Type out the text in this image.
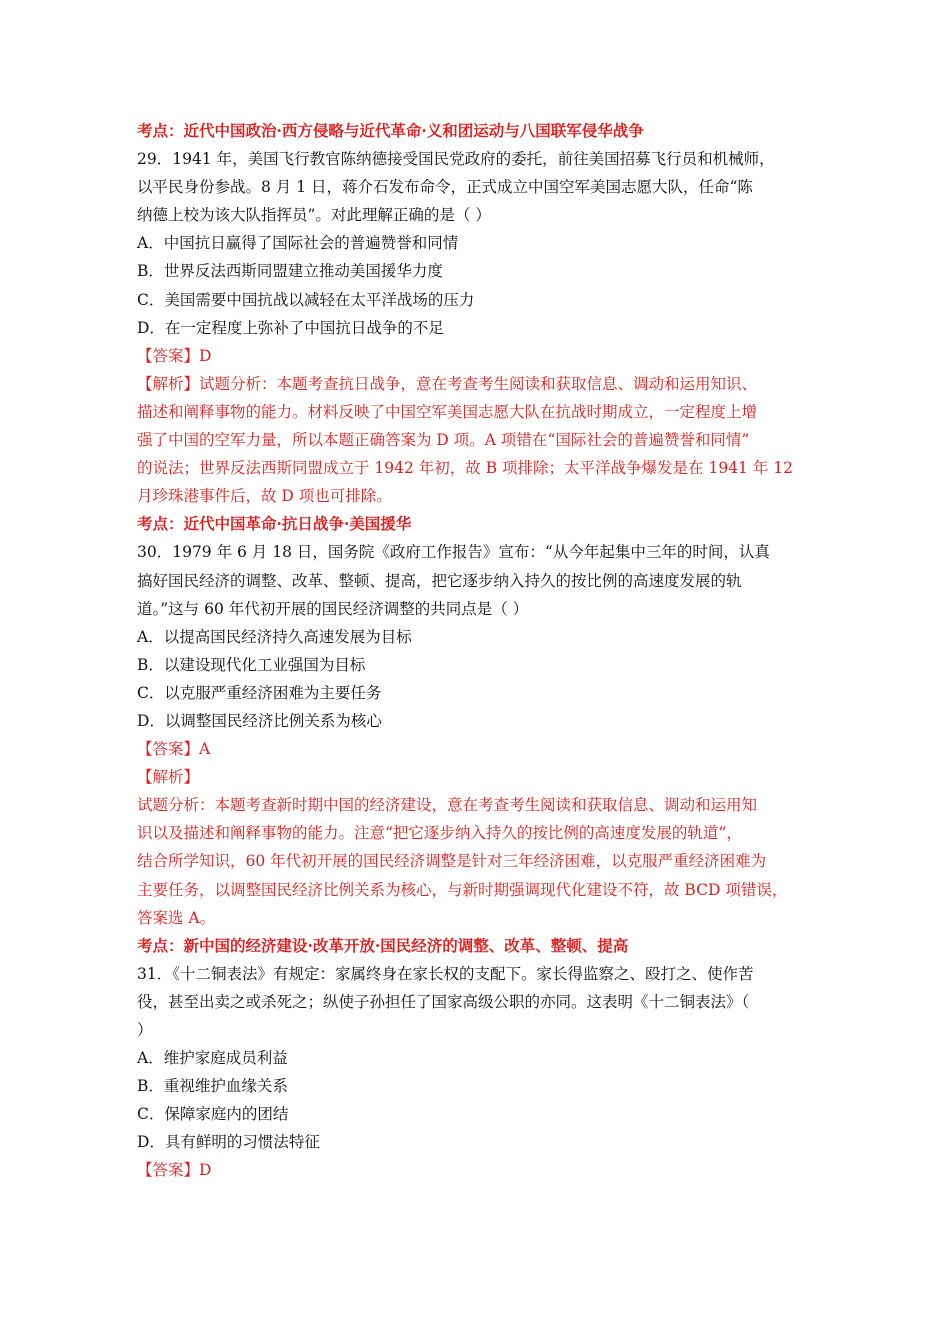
考点：近代中国政治·西方侵略与近代革命·义和团运动与八国联军侵华战争
29．1941 年，美国飞行教官陈纳德接受国民党政府的委托，前往美国招募飞行员和机械师，
以平民身份参战。8 月 1 日，蒋介石发布命令，正式成立中国空军美国志愿大队，任命“陈
纳德上校为该大队指挥员”。对此理解正确的是（ ）
A．中国抗日赢得了国际社会的普遍赞誉和同情
B．世界反法西斯同盟建立推动美国援华力度
C．美国需要中国抗战以减轻在太平洋战场的压力
D．在一定程度上弥补了中国抗日战争的不足
【答案】D
【解析】试题分析：本题考查抗日战争，意在考查考生阅读和获取信息、调动和运用知识、
描述和阐释事物的能力。材料反映了中国空军美国志愿大队在抗战时期成立，一定程度上增
强了中国的空军力量，所以本题正确答案为 D 项。A 项错在“国际社会的普遍赞誉和同情”
的说法；世界反法西斯同盟成立于 1942 年初，故 B 项排除；太平洋战争爆发是在 1941 年 12
月珍珠港事件后，故 D 项也可排除。
考点：近代中国革命·抗日战争·美国援华
30．1979 年 6 月 18 日，国务院《政府工作报告》宣布：“从今年起集中三年的时间，认真
搞好国民经济的调整、改革、整顿、提高，把它逐步纳入持久的按比例的高速度发展的轨
道。”这与 60 年代初开展的国民经济调整的共同点是（ ）
A．以提高国民经济持久高速发展为目标
B．以建设现代化工业强国为目标
C．以克服严重经济困难为主要任务
D．以调整国民经济比例关系为核心
【答案】A
【解析】
试题分析：本题考查新时期中国的经济建设，意在考查考生阅读和获取信息、调动和运用知
识以及描述和阐释事物的能力。注意“把它逐步纳入持久的按比例的高速度发展的轨道”，
结合所学知识，60 年代初开展的国民经济调整是针对三年经济困难，以克服严重经济困难为
主要任务，以调整国民经济比例关系为核心，与新时期强调现代化建设不符，故 BCD 项错误，
答案选 A。
考点：新中国的经济建设·改革开放·国民经济的调整、改革、整顿、提高
31．《十二铜表法》有规定：家属终身在家长权的支配下。家长得监察之、殴打之、使作苦
役，甚至出卖之或杀死之；纵使子孙担任了国家高级公职的亦同。这表明《十二铜表法》（
）
A．维护家庭成员利益
B．重视维护血缘关系
C．保障家庭内的团结
D．具有鲜明的习惯法特征
【答案】D
